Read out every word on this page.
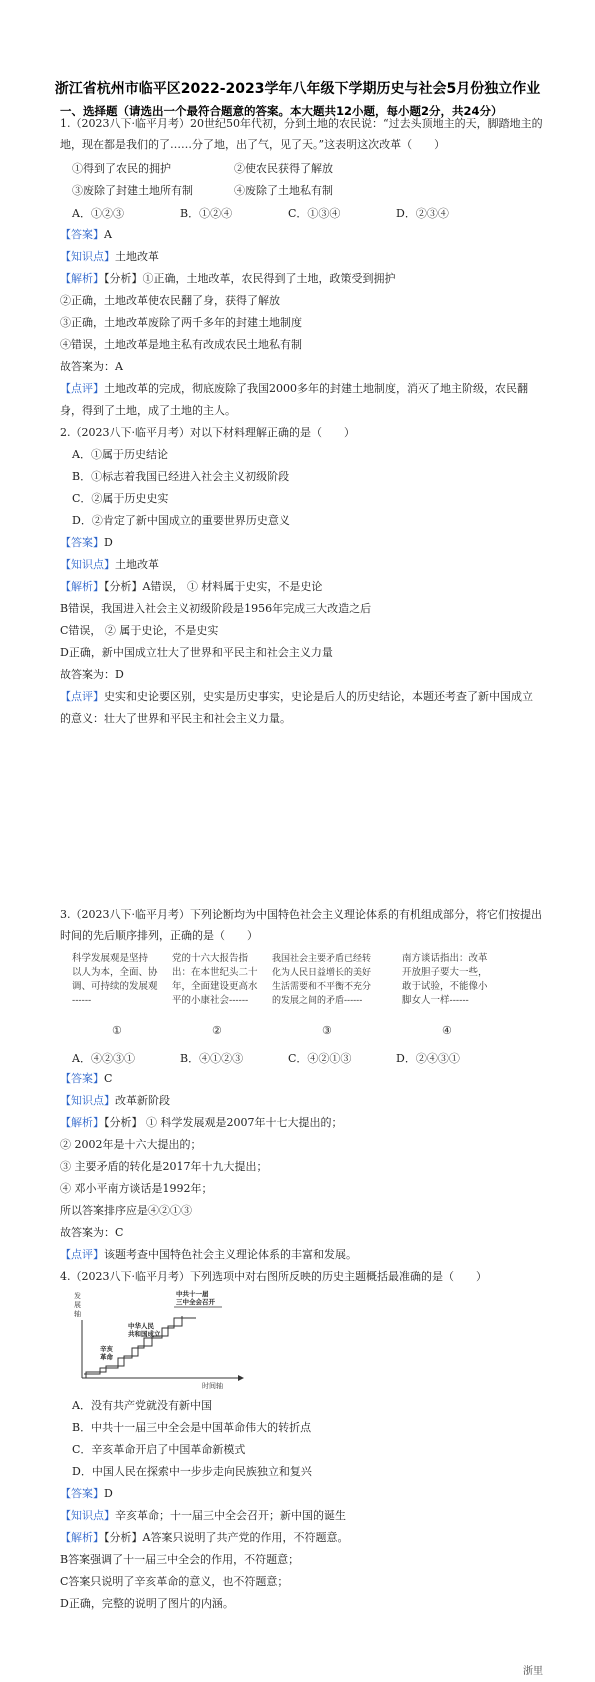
浙江省杭州市临平区2022-2023学年八年级下学期历史与社会5月份独立作业
一、选择题（请选出一个最符合题意的答案。本大题共12小题，每小题2分，共24分）
1.（2023八下·临平月考）20世纪50年代初，分到土地的农民说：“过去头顶地主的天，脚踏地主的
地，现在都是我们的了……分了地，出了气，见了天。”这表明这次改革（　　）
①得到了农民的拥护	②使农民获得了解放
③废除了封建土地所有制	④废除了土地私有制
A．①②③	B．①②④	C．①③④	D．②③④
【答案】A
【知识点】土地改革
【解析】【分析】①正确，土地改革，农民得到了土地，政策受到拥护
②正确，土地改革使农民翻了身，获得了解放
③正确，土地改革废除了两千多年的封建土地制度
④错误，土地改革是地主私有改成农民土地私有制
故答案为：A
【点评】土地改革的完成，彻底废除了我国2000多年的封建土地制度，消灭了地主阶级，农民翻
身，得到了土地，成了土地的主人。
2.（2023八下·临平月考）对以下材料理解正确的是（　　）
A．①属于历史结论
B．①标志着我国已经进入社会主义初级阶段
C．②属于历史史实
D．②肯定了新中国成立的重要世界历史意义
【答案】D
【知识点】土地改革
【解析】【分析】A错误， ① 材料属于史实，不是史论
B错误，我国进入社会主义初级阶段是1956年完成三大改造之后
C错误， ② 属于史论，不是史实
D正确，新中国成立壮大了世界和平民主和社会主义力量
故答案为：D
【点评】史实和史论要区别，史实是历史事实，史论是后人的历史结论，本题还考查了新中国成立
的意义：壮大了世界和平民主和社会主义力量。
3.（2023八下·临平月考）下列论断均为中国特色社会主义理论体系的有机组成部分，将它们按提出
时间的先后顺序排列，正确的是（　　）
科学发展观是坚持
以人为本，全面、协
调、可持续的发展观
------
①
党的十六大报告指
出：在本世纪头二十
年，全面建设更高水
平的小康社会------
②
我国社会主要矛盾已经转
化为人民日益增长的美好
生活需要和不平衡不充分
的发展之间的矛盾------
③
南方谈话指出：改革
开放胆子要大一些，
敢于试验，不能像小
脚女人一样------
④
A．④②③①	B．④①②③	C．④②①③	D．②④③①
【答案】C
【知识点】改革新阶段
【解析】【分析】 ① 科学发展观是2007年十七大提出的；
② 2002年是十六大提出的；
③ 主要矛盾的转化是2017年十九大提出；
④ 邓小平南方谈话是1992年；
所以答案排序应是④②①③
故答案为：C
【点评】该题考查中国特色社会主义理论体系的丰富和发展。
4.（2023八下·临平月考）下列选项中对右图所反映的历史主题概括最准确的是（　　）
发
展
轴
辛亥
革命
中华人民
共和国成立
中共十一届
三中全会召开
时间轴
A．没有共产党就没有新中国
B．中共十一届三中全会是中国革命伟大的转折点
C．辛亥革命开启了中国革命新模式
D．中国人民在探索中一步步走向民族独立和复兴
【答案】D
【知识点】辛亥革命；十一届三中全会召开；新中国的诞生
【解析】【分析】A答案只说明了共产党的作用，不符题意。
B答案强调了十一届三中全会的作用，不符题意；
C答案只说明了辛亥革命的意义，也不符题意；
D正确，完整的说明了图片的内涵。
浙里
